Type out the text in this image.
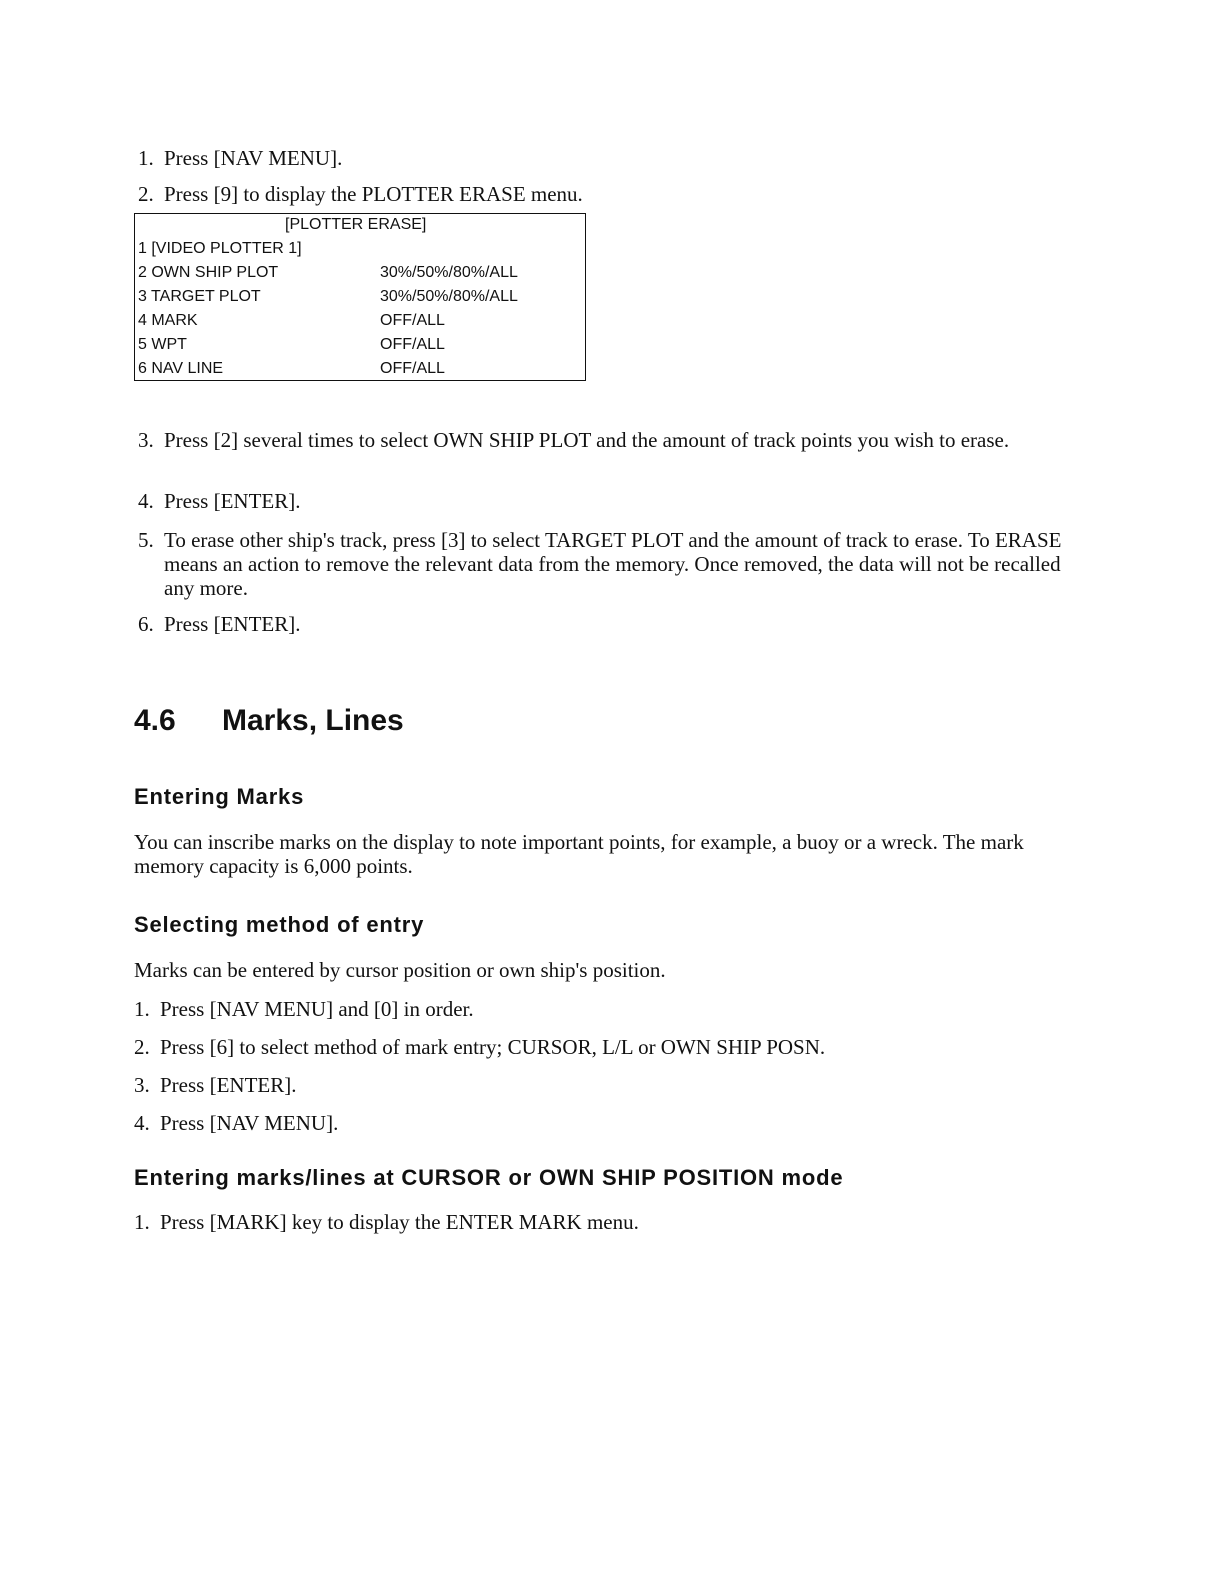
1. Press [NAV MENU].
2. Press [9] to display the PLOTTER ERASE menu.
[PLOTTER ERASE]
1 [VIDEO PLOTTER 1]
2 OWN SHIP PLOT	30%/50%/80%/ALL
3 TARGET PLOT	30%/50%/80%/ALL
4 MARK	OFF/ALL
5 WPT	OFF/ALL
6 NAV LINE	OFF/ALL
3. Press [2] several times to select OWN SHIP PLOT and the amount of track points you wish to erase.
4. Press [ENTER].
5. To erase other ship's track, press [3] to select TARGET PLOT and the amount of track to erase. To ERASE means an action to remove the relevant data from the memory. Once removed, the data will not be recalled any more.
6. Press [ENTER].
4.6 Marks, Lines
Entering Marks
You can inscribe marks on the display to note important points, for example, a buoy or a wreck. The mark memory capacity is 6,000 points.
Selecting method of entry
Marks can be entered by cursor position or own ship's position.
1. Press [NAV MENU] and [0] in order.
2. Press [6] to select method of mark entry; CURSOR, L/L or OWN SHIP POSN.
3. Press [ENTER].
4. Press [NAV MENU].
Entering marks/lines at CURSOR or OWN SHIP POSITION mode
1. Press [MARK] key to display the ENTER MARK menu.
